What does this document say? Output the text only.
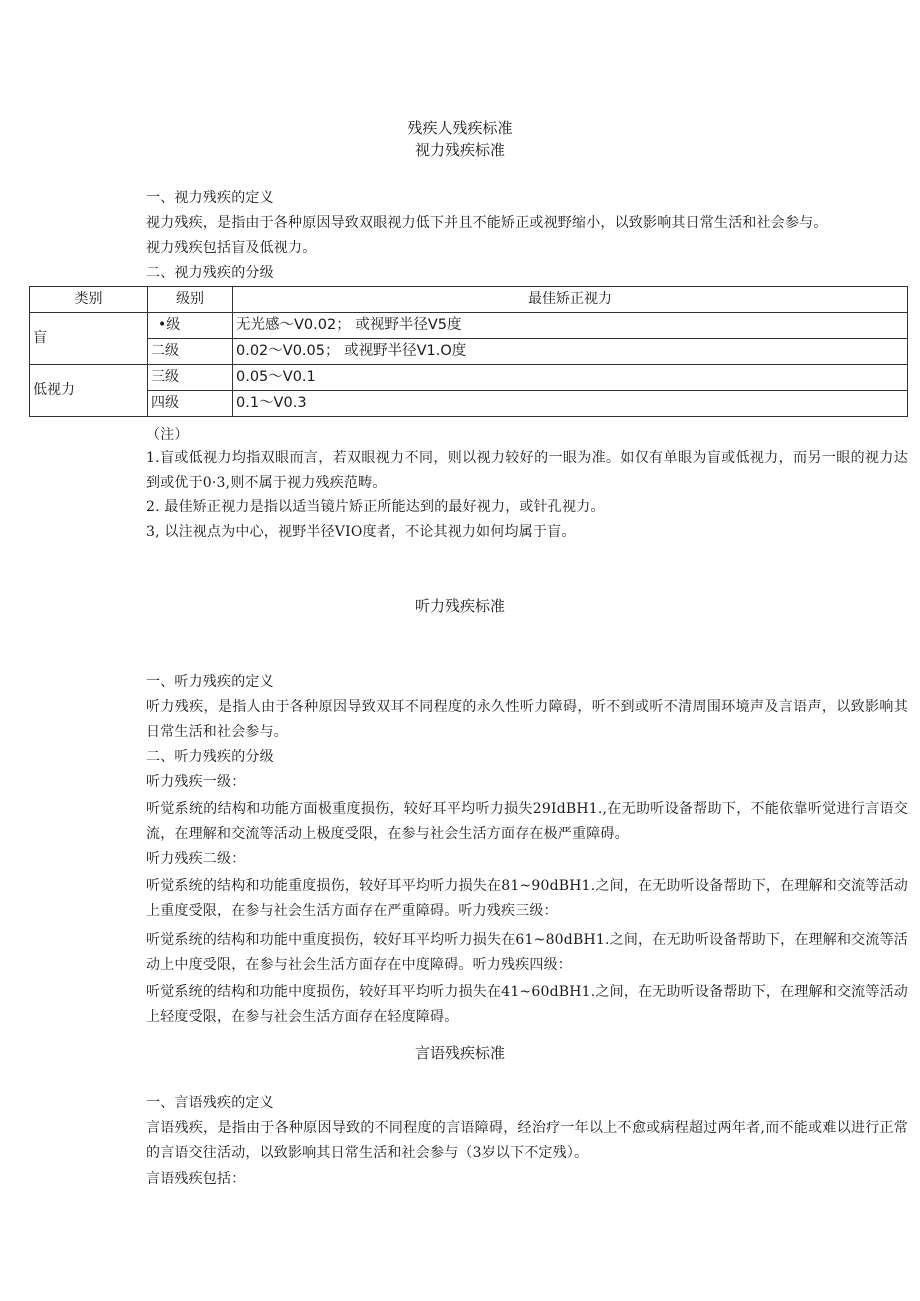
残疾人残疾标准
视力残疾标准
一、视力残疾的定义
视力残疾，是指由于各种原因导致双眼视力低下并且不能矫正或视野缩小，以致影响其日常生活和社会参与。
视力残疾包括盲及低视力。
二、视力残疾的分级
类别	级别	最佳矫正视力
盲	•级	无光感～V0.02； 或视野半径V5度
	二级	0.02～V0.05； 或视野半径V1.O度
低视力	三级	0.05～V0.1
	四级	0.1～V0.3
（注）
1.盲或低视力均指双眼而言，若双眼视力不同，则以视力较好的一眼为准。如仅有单眼为盲或低视力，而另一眼的视力达到或优于0·3,则不属于视力残疾范畴。
2. 最佳矫正视力是指以适当镜片矫正所能达到的最好视力，或针孔视力。
3, 以注视点为中心，视野半径VIO度者，不论其视力如何均属于盲。
听力残疾标准
一、听力残疾的定义
听力残疾，是指人由于各种原因导致双耳不同程度的永久性听力障碍，听不到或听不清周围环境声及言语声，以致影响其日常生活和社会参与。
二、听力残疾的分级
听力残疾一级：
听觉系统的结构和功能方面极重度损伤，较好耳平均听力损失29IdBH1.,在无助听设备帮助下，不能依靠听觉进行言语交流，在理解和交流等活动上极度受限，在参与社会生活方面存在极严重障碍。
听力残疾二级：
听觉系统的结构和功能重度损伤，较好耳平均听力损失在81~90dBH1.之间，在无助听设备帮助下，在理解和交流等活动上重度受限，在参与社会生活方面存在严重障碍。听力残疾三级：
听觉系统的结构和功能中重度损伤，较好耳平均听力损失在61~80dBH1.之间，在无助听设备帮助下，在理解和交流等活动上中度受限，在参与社会生活方面存在中度障碍。听力残疾四级：
听觉系统的结构和功能中度损伤，较好耳平均听力损失在41~60dBH1.之间，在无助听设备帮助下，在理解和交流等活动上轻度受限，在参与社会生活方面存在轻度障碍。
言语残疾标准
一、言语残疾的定义
言语残疾，是指由于各种原因导致的不同程度的言语障碍，经治疗一年以上不愈或病程超过两年者,而不能或难以进行正常的言语交往活动，以致影响其日常生活和社会参与（3岁以下不定残）。
言语残疾包括：
